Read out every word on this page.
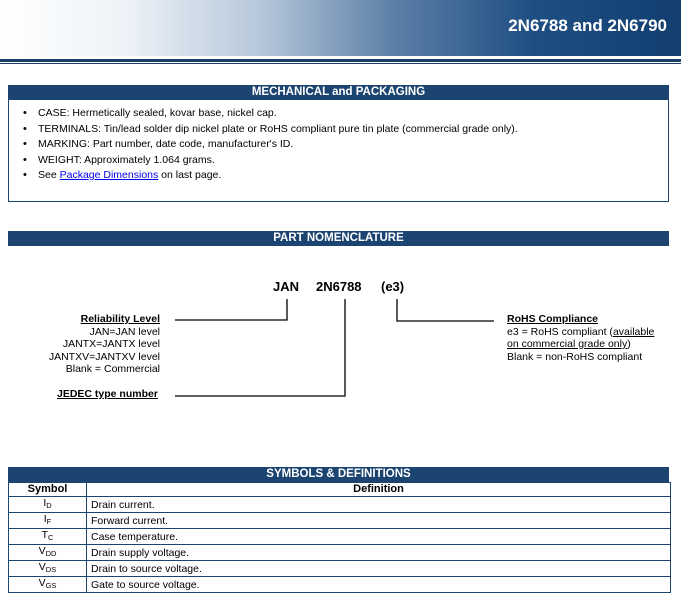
2N6788 and 2N6790
MECHANICAL and PACKAGING
• CASE: Hermetically sealed, kovar base, nickel cap.
• TERMINALS: Tin/lead solder dip nickel plate or RoHS compliant pure tin plate (commercial grade only).
• MARKING: Part number, date code, manufacturer's ID.
• WEIGHT: Approximately 1.064 grams.
• See Package Dimensions on last page.
PART NOMENCLATURE
JAN 2N6788 (e3)
Reliability Level
JAN=JAN level
JANTX=JANTX level
JANTXV=JANTXV level
Blank = Commercial
JEDEC type number
RoHS Compliance
e3 = RoHS compliant (available
on commercial grade only)
Blank = non-RoHS compliant
SYMBOLS & DEFINITIONS
Symbol	Definition
$I_D$	Drain current.
$I_F$	Forward current.
$T_C$	Case temperature.
$V_{DD}$	Drain supply voltage.
$V_{DS}$	Drain to source voltage.
$V_{GS}$	Gate to source voltage.
